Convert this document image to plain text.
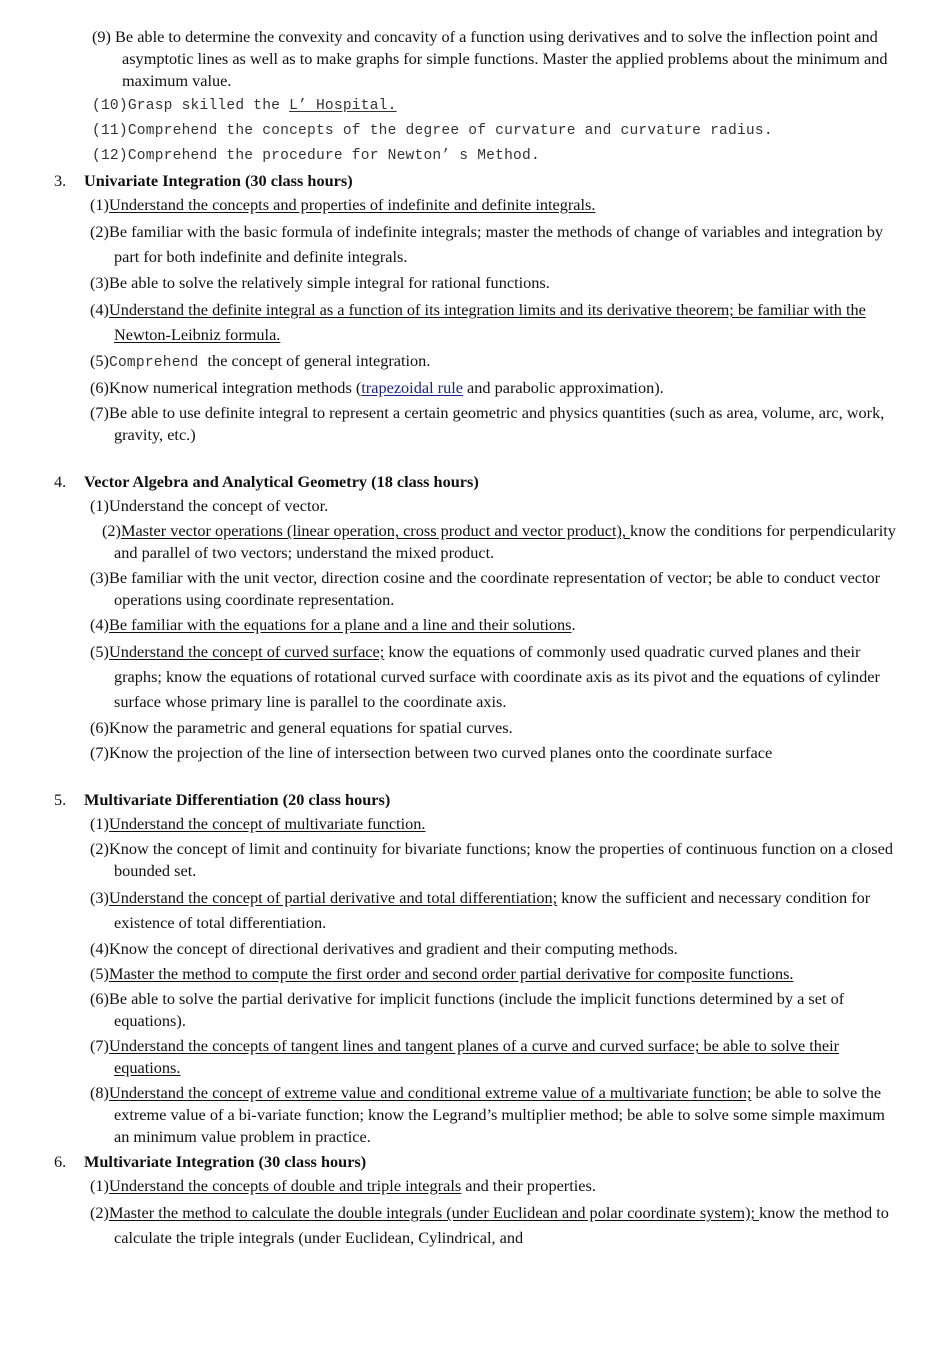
(9) Be able to determine the convexity and concavity of a function using derivatives and to solve the inflection point and asymptotic lines as well as to make graphs for simple functions. Master the applied problems about the minimum and maximum value.

(10)Grasp skilled the L’ Hospital.

(11)Comprehend the concepts of the degree of curvature and curvature radius.

(12)Comprehend the procedure for Newton’ s Method.

3. Univariate Integration (30 class hours)

(1)Understand the concepts and properties of indefinite and definite integrals.

(2)Be familiar with the basic formula of indefinite integrals; master the methods of change of variables and integration by part for both indefinite and definite integrals.

(3)Be able to solve the relatively simple integral for rational functions.

(4)Understand the definite integral as a function of its integration limits and its derivative theorem; be familiar with the Newton-Leibniz formula.

(5)Comprehend the concept of general integration.

(6)Know numerical integration methods (trapezoidal rule and parabolic approximation).

(7)Be able to use definite integral to represent a certain geometric and physics quantities (such as area, volume, arc, work, gravity, etc.)

4. Vector Algebra and Analytical Geometry (18 class hours)

(1)Understand the concept of vector.

(2)Master vector operations (linear operation, cross product and vector product), know the conditions for perpendicularity and parallel of two vectors; understand the mixed product.

(3)Be familiar with the unit vector, direction cosine and the coordinate representation of vector; be able to conduct vector operations using coordinate representation.

(4)Be familiar with the equations for a plane and a line and their solutions.

(5)Understand the concept of curved surface; know the equations of commonly used quadratic curved planes and their graphs; know the equations of rotational curved surface with coordinate axis as its pivot and the equations of cylinder surface whose primary line is parallel to the coordinate axis.

(6)Know the parametric and general equations for spatial curves.

(7)Know the projection of the line of intersection between two curved planes onto the coordinate surface

5. Multivariate Differentiation (20 class hours)

(1)Understand the concept of multivariate function.

(2)Know the concept of limit and continuity for bivariate functions; know the properties of continuous function on a closed bounded set.

(3)Understand the concept of partial derivative and total differentiation; know the sufficient and necessary condition for existence of total differentiation.

(4)Know the concept of directional derivatives and gradient and their computing methods.

(5)Master the method to compute the first order and second order partial derivative for composite functions.

(6)Be able to solve the partial derivative for implicit functions (include the implicit functions determined by a set of equations).

(7)Understand the concepts of tangent lines and tangent planes of a curve and curved surface; be able to solve their equations.

(8)Understand the concept of extreme value and conditional extreme value of a multivariate function; be able to solve the extreme value of a bi-variate function; know the Legrand’s multiplier method; be able to solve some simple maximum an minimum value problem in practice.

6. Multivariate Integration (30 class hours)

(1)Understand the concepts of double and triple integrals and their properties.

(2)Master the method to calculate the double integrals (under Euclidean and polar coordinate system); know the method to calculate the triple integrals (under Euclidean, Cylindrical, and
